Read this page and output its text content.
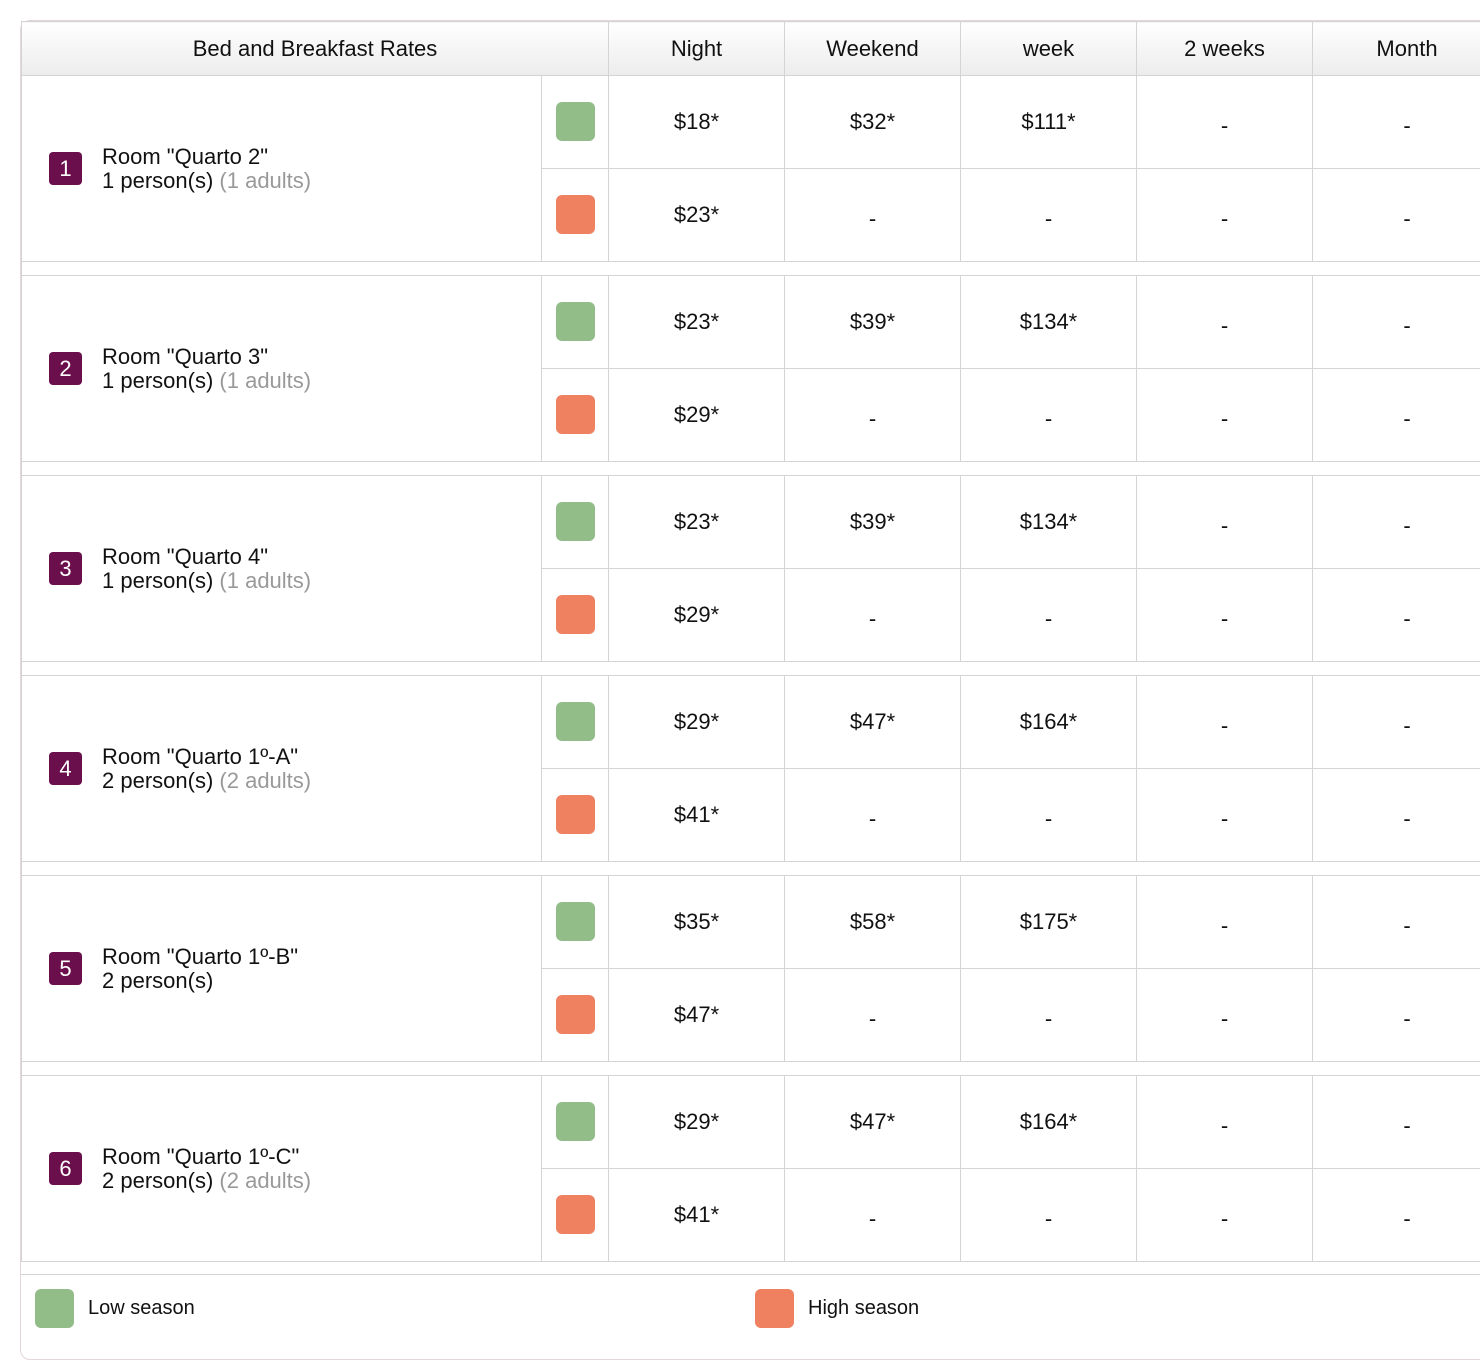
Bed and Breakfast Rates		Night	Weekend	week	2 weeks	Month

1 Room "Quarto 2"
1 person(s) (1 adults)		$18*	$32*	$111*	-	-
		$23*	-	-	-	-

2 Room "Quarto 3"
1 person(s) (1 adults)		$23*	$39*	$134*	-	-
		$29*	-	-	-	-

3 Room "Quarto 4"
1 person(s) (1 adults)		$23*	$39*	$134*	-	-
		$29*	-	-	-	-

4 Room "Quarto 1º-A"
2 person(s) (2 adults)		$29*	$47*	$164*	-	-
		$41*	-	-	-	-

5 Room "Quarto 1º-B"
2 person(s)		$35*	$58*	$175*	-	-
		$47*	-	-	-	-

6 Room "Quarto 1º-C"
2 person(s) (2 adults)		$29*	$47*	$164*	-	-
		$41*	-	-	-	-
Low season	High season
